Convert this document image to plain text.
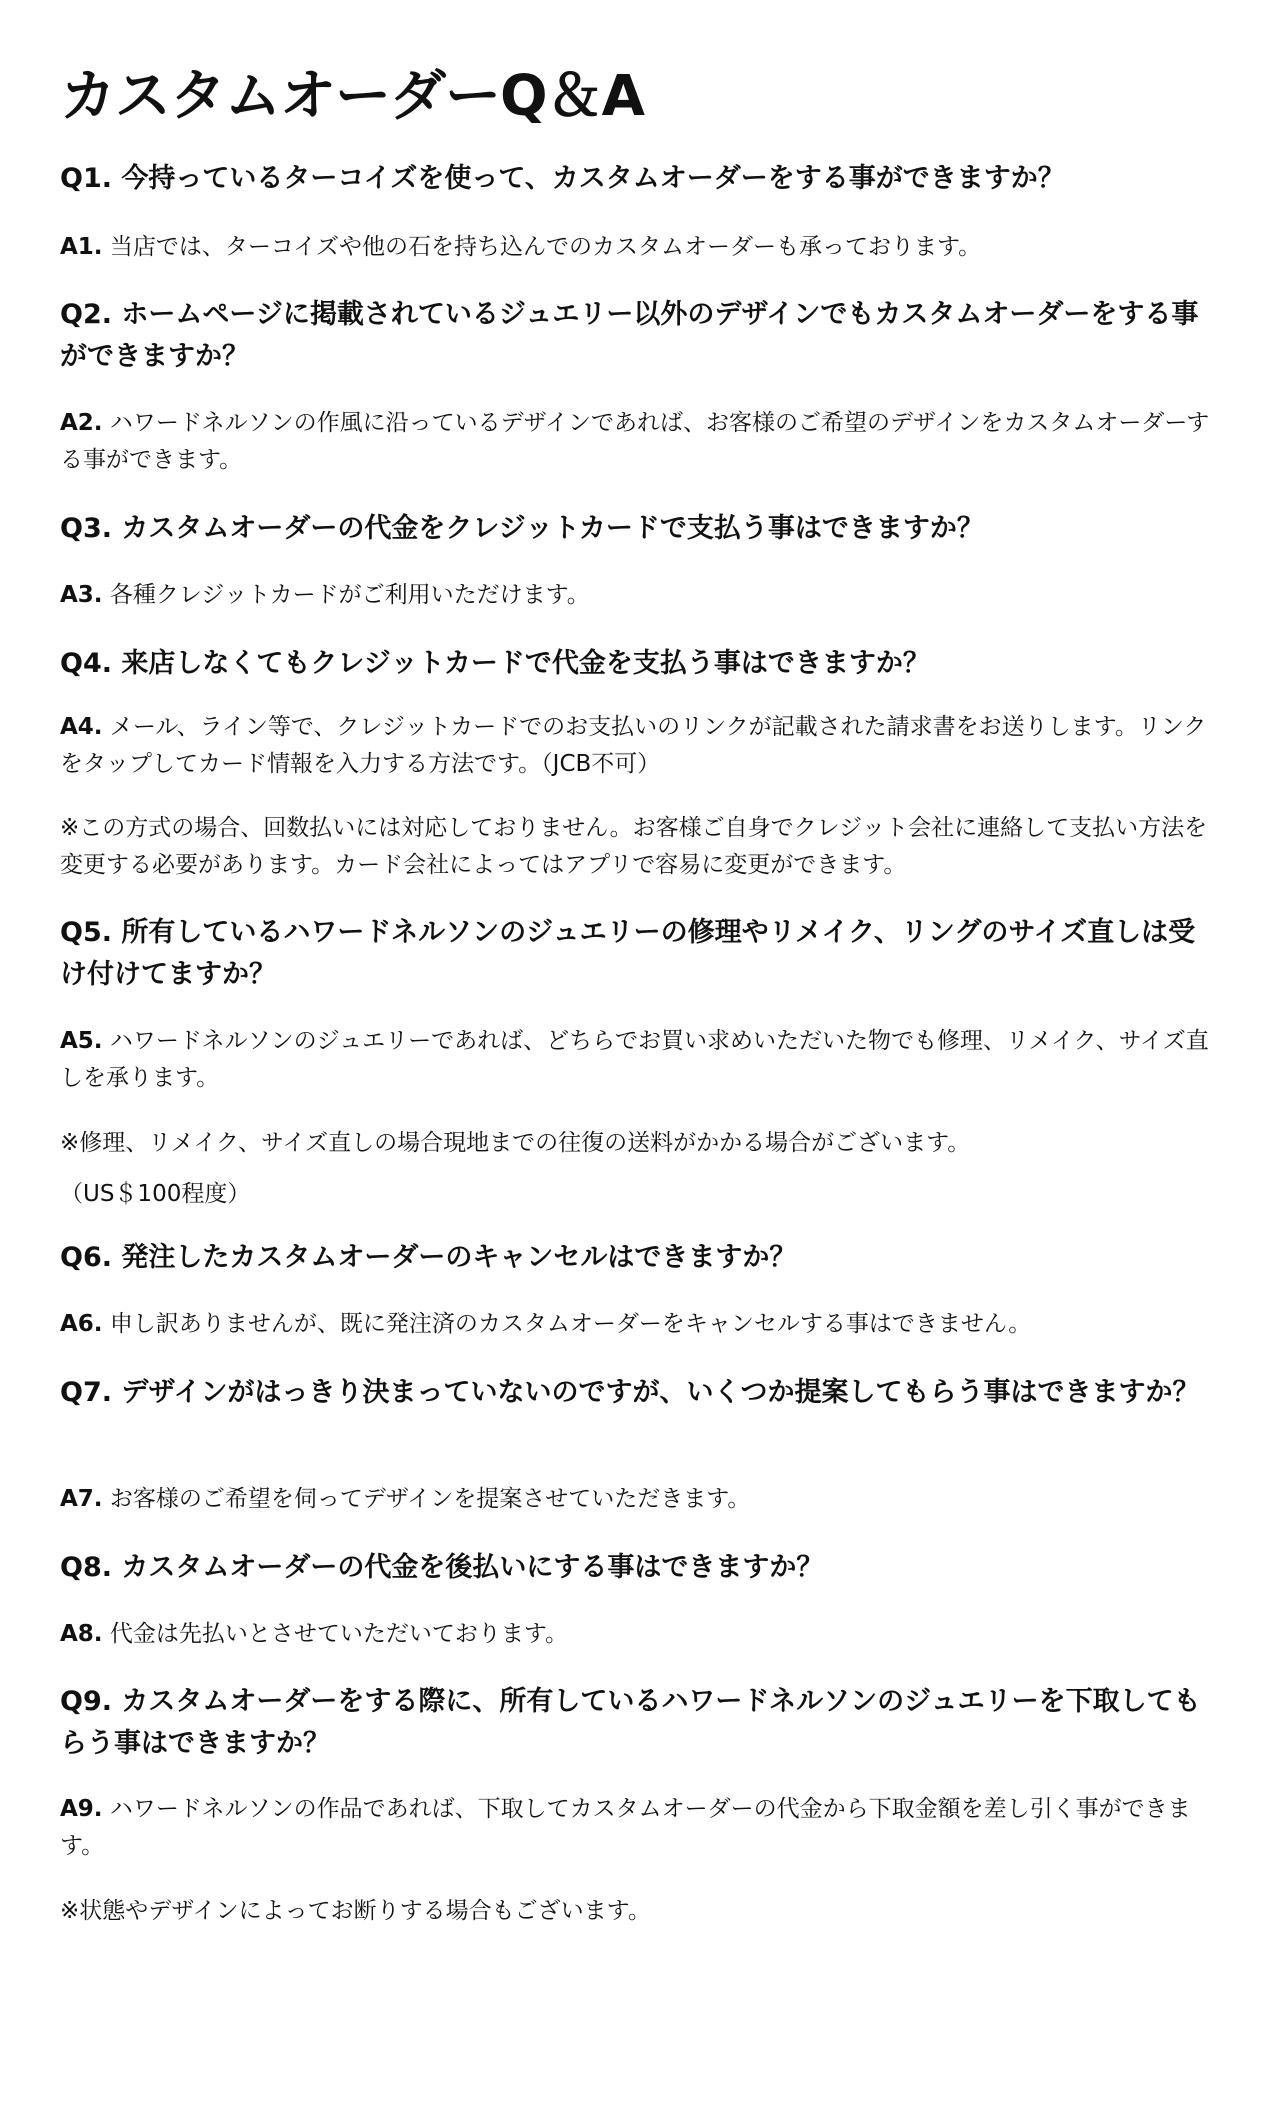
カスタムオーダーQ＆A

Q1. 今持っているターコイズを使って、カスタムオーダーをする事ができますか？

A1. 当店では、ターコイズや他の石を持ち込んでのカスタムオーダーも承っております。

Q2. ホームページに掲載されているジュエリー以外のデザインでもカスタムオーダーをする事ができますか？

A2. ハワードネルソンの作風に沿っているデザインであれば、お客様のご希望のデザインをカスタムオーダーする事ができます。

Q3. カスタムオーダーの代金をクレジットカードで支払う事はできますか？

A3. 各種クレジットカードがご利用いただけます。

Q4. 来店しなくてもクレジットカードで代金を支払う事はできますか？

A4. メール、ライン等で、クレジットカードでのお支払いのリンクが記載された請求書をお送りします。リンクをタップしてカード情報を入力する方法です。（JCB不可）

※この方式の場合、回数払いには対応しておりません。お客様ご自身でクレジット会社に連絡して支払い方法を変更する必要があります。カード会社によってはアプリで容易に変更ができます。

Q5. 所有しているハワードネルソンのジュエリーの修理やリメイク、リングのサイズ直しは受け付けてますか？

A5. ハワードネルソンのジュエリーであれば、どちらでお買い求めいただいた物でも修理、リメイク、サイズ直しを承ります。

※修理、リメイク、サイズ直しの場合現地までの往復の送料がかかる場合がございます。

（US＄100程度）

Q6. 発注したカスタムオーダーのキャンセルはできますか？

A6. 申し訳ありませんが、既に発注済のカスタムオーダーをキャンセルする事はできません。

Q7. デザインがはっきり決まっていないのですが、いくつか提案してもらう事はできますか？

A7. お客様のご希望を伺ってデザインを提案させていただきます。

Q8. カスタムオーダーの代金を後払いにする事はできますか？

A8. 代金は先払いとさせていただいております。

Q9. カスタムオーダーをする際に、所有しているハワードネルソンのジュエリーを下取してもらう事はできますか？

A9. ハワードネルソンの作品であれば、下取してカスタムオーダーの代金から下取金額を差し引く事ができます。

※状態やデザインによってお断りする場合もございます。
